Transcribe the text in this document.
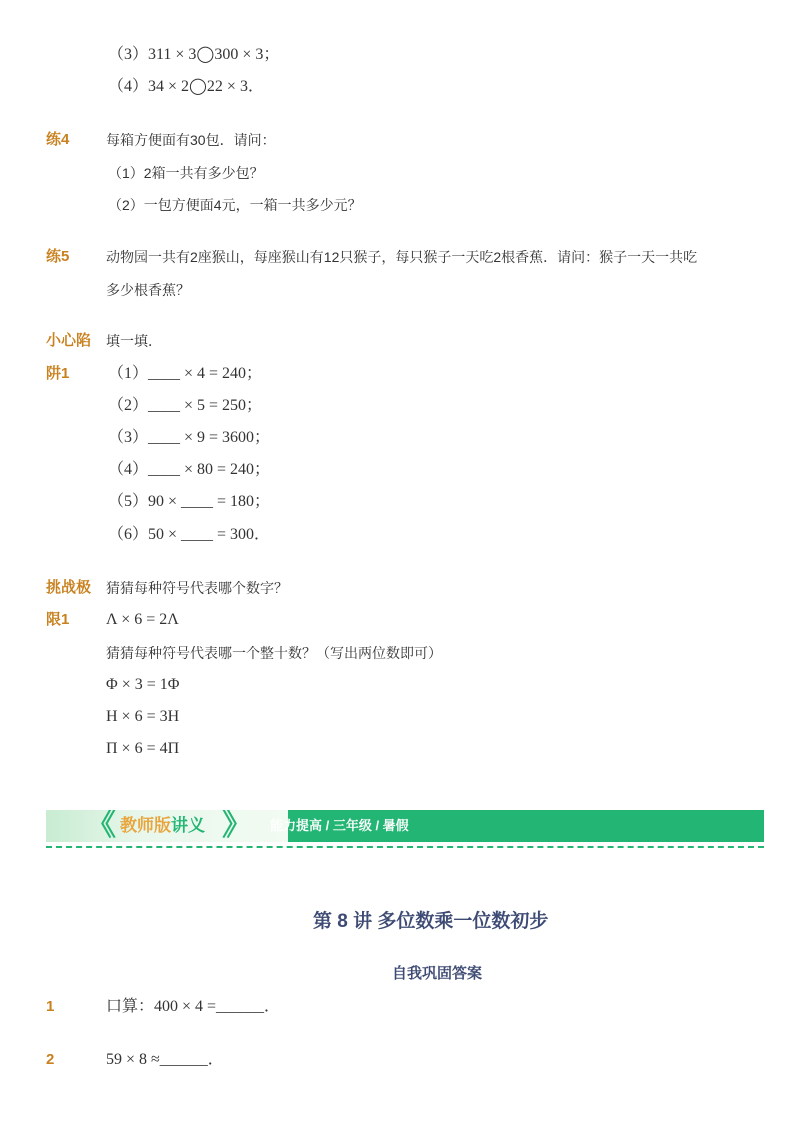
（3）311 × 3◯300 × 3；
（4）34 × 2◯22 × 3．
练4	每箱方便面有30包．请问：
（1）2箱一共有多少包？
（2）一包方便面4元，一箱一共多少元？
练5	动物园一共有2座猴山，每座猴山有12只猴子，每只猴子一天吃2根香蕉．请问：猴子一天一共吃
多少根香蕉？
小心陷
阱1
填一填．
（1）____ × 4 = 240；
（2）____ × 5 = 250；
（3）____ × 9 = 3600；
（4）____ × 80 = 240；
（5）90 × ____ = 180；
（6）50 × ____ = 300．
挑战极
限1
猜猜每种符号代表哪个数字？
Λ × 6 = 2Λ
猜猜每种符号代表哪一个整十数？（写出两位数即可）
Φ × 3 = 1Φ
Η × 6 = 3Η
Π × 6 = 4Π
《 教师版讲义 》 能力提高 / 三年级 / 暑假
第 8 讲 多位数乘一位数初步
自我巩固答案
1	口算：400 × 4 =______．
2	59 × 8 ≈______．
